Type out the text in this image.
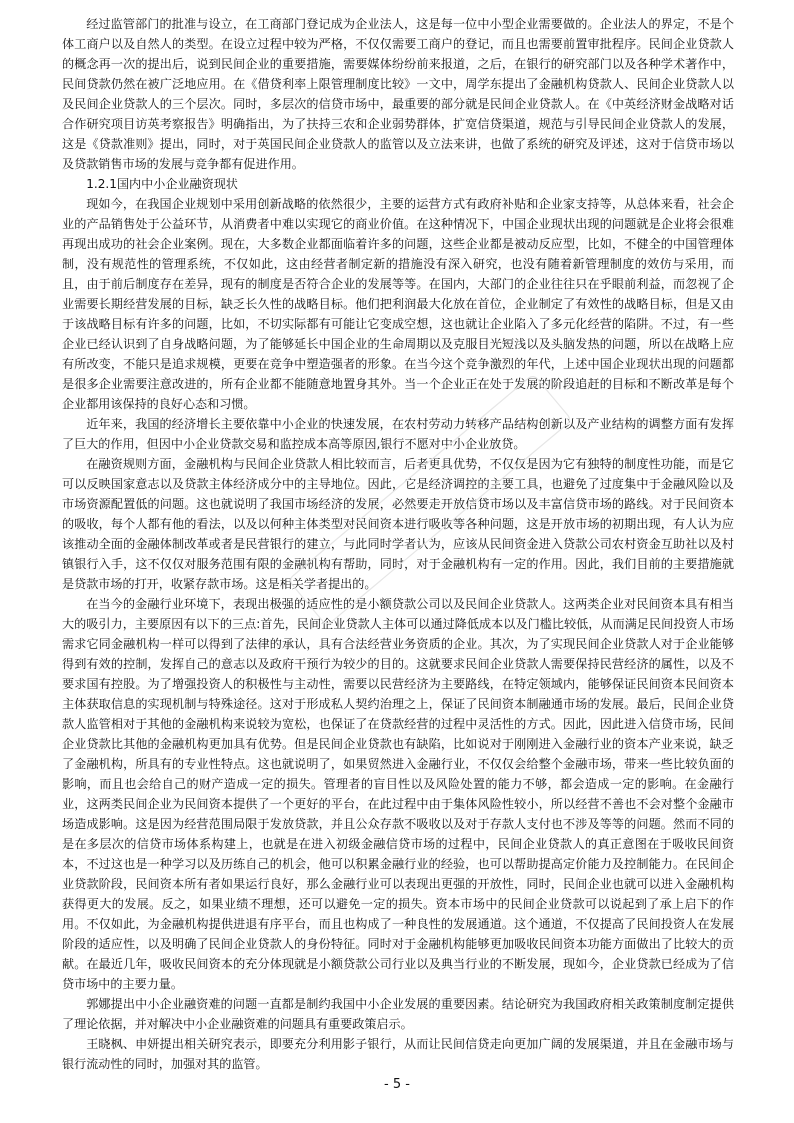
经过监管部门的批准与设立，在工商部门登记成为企业法人，这是每一位中小型企业需要做的。企业法人的界定，不是个体工商户以及自然人的类型。在设立过程中较为严格，不仅仅需要工商户的登记，而且也需要前置审批程序。民间企业贷款人的概念再一次的提出后，说到民间企业的重要措施，需要媒体纷纷前来报道，之后，在银行的研究部门以及各种学术著作中，民间贷款仍然在被广泛地应用。在《借贷利率上限管理制度比较》一文中，周学东提出了金融机构贷款人、民间企业贷款人以及民间企业贷款人的三个层次。同时，多层次的信贷市场中，最重要的部分就是民间企业贷款人。在《中英经济财金战略对话合作研究项目访英考察报告》明确指出，为了扶持三农和企业弱势群体，扩宽信贷渠道，规范与引导民间企业贷款人的发展，这是《贷款准则》提出，同时，对于英国民间企业贷款人的监管以及立法来讲，也做了系统的研究及评述，这对于信贷市场以及贷款销售市场的发展与竞争都有促进作用。

1.2.1国内中小企业融资现状

现如今，在我国企业规划中采用创新战略的依然很少，主要的运营方式有政府补贴和企业家支持等，从总体来看，社会企业的产品销售处于公益环节，从消费者中难以实现它的商业价值。在这种情况下，中国企业现状出现的问题就是企业将会很难再现出成功的社会企业案例。现在，大多数企业都面临着许多的问题，这些企业都是被动反应型，比如，不健全的中国管理体制，没有规范性的管理系统，不仅如此，这由经营者制定新的措施没有深入研究，也没有随着新管理制度的效仿与采用，而且，由于前后制度存在差异，现有的制度是否符合企业的发展等等。在国内，大部门的企业往往只在乎眼前利益，而忽视了企业需要长期经营发展的目标，缺乏长久性的战略目标。他们把利润最大化放在首位，企业制定了有效性的战略目标，但是又由于该战略目标有许多的问题，比如，不切实际都有可能让它变成空想，这也就让企业陷入了多元化经营的陷阱。不过，有一些企业已经认识到了自身战略问题，为了能够延长中国企业的生命周期以及克服目光短浅以及头脑发热的问题，所以在战略上应有所改变，不能只是追求规模，更要在竞争中塑造强者的形象。在当今这个竞争激烈的年代，上述中国企业现状出现的问题都是很多企业需要注意改进的，所有企业都不能随意地置身其外。当一个企业正在处于发展的阶段追赶的目标和不断改革是每个企业都用该保持的良好心态和习惯。

近年来，我国的经济增长主要依靠中小企业的快速发展，在农村劳动力转移产品结构创新以及产业结构的调整方面有发挥了巨大的作用，但因中小企业贷款交易和监控成本高等原因,银行不愿对中小企业放贷。

在融资规则方面，金融机构与民间企业贷款人相比较而言，后者更具优势，不仅仅是因为它有独特的制度性功能，而是它可以反映国家意志以及贷款主体经济成分中的主导地位。因此，它是经济调控的主要工具，也避免了过度集中于金融风险以及市场资源配置低的问题。这也就说明了我国市场经济的发展，必然要走开放信贷市场以及丰富信贷市场的路线。对于民间资本的吸收，每个人都有他的看法，以及以何种主体类型对民间资本进行吸收等各种问题，这是开放市场的初期出现，有人认为应该推动全面的金融体制改革或者是民营银行的建立，与此同时学者认为，应该从民间资金进入贷款公司农村资金互助社以及村镇银行入手，这不仅仅对服务范围有限的金融机构有帮助，同时，对于金融机构有一定的作用。因此，我们目前的主要措施就是贷款市场的打开，收紧存款市场。这是相关学者提出的。

在当今的金融行业环境下，表现出极强的适应性的是小额贷款公司以及民间企业贷款人。这两类企业对民间资本具有相当大的吸引力，主要原因有以下的三点:首先，民间企业贷款人主体可以通过降低成本以及门槛比较低，从而满足民间投资人市场需求它同金融机构一样可以得到了法律的承认，具有合法经营业务资质的企业。其次，为了实现民间企业贷款人对于企业能够得到有效的控制，发挥自己的意志以及政府干预行为较少的目的。这就要求民间企业贷款人需要保持民营经济的属性，以及不要求国有控股。为了增强投资人的积极性与主动性，需要以民营经济为主要路线，在特定领域内，能够保证民间资本民间资本主体获取信息的实现机制与特殊途径。这对于形成私人契约治理之上，保证了民间资本制融通市场的发展。最后，民间企业贷款人监管相对于其他的金融机构来说较为宽松，也保证了在贷款经营的过程中灵活性的方式。因此，因此进入信贷市场，民间企业贷款比其他的金融机构更加具有优势。但是民间企业贷款也有缺陷，比如说对于刚刚进入金融行业的资本产业来说，缺乏了金融机构，所具有的专业性特点。这也就说明了，如果贸然进入金融行业，不仅仅会给整个金融市场，带来一些比较负面的影响，而且也会给自己的财产造成一定的损失。管理者的盲目性以及风险处置的能力不够，都会造成一定的影响。在金融行业，这两类民间企业为民间资本提供了一个更好的平台，在此过程中由于集体风险性较小，所以经营不善也不会对整个金融市场造成影响。这是因为经营范围局限于发放贷款，并且公众存款不吸收以及对于存款人支付也不涉及等等的问题。然而不同的是在多层次的信贷市场体系构建上，也就是在进入初级金融信贷市场的过程中，民间企业贷款人的真正意图在于吸收民间资本，不过这也是一种学习以及历练自己的机会，他可以积累金融行业的经验，也可以帮助提高定价能力及控制能力。在民间企业贷款阶段，民间资本所有者如果运行良好，那么金融行业可以表现出更强的开放性，同时，民间企业也就可以进入金融机构获得更大的发展。反之，如果业绩不理想，还可以避免一定的损失。资本市场中的民间企业贷款可以说起到了承上启下的作用。不仅如此，为金融机构提供进退有序平台，而且也构成了一种良性的发展通道。这个通道，不仅提高了民间投资人在发展阶段的适应性，以及明确了民间企业贷款人的身份特征。同时对于金融机构能够更加吸收民间资本功能方面做出了比较大的贡献。在最近几年，吸收民间资本的充分体现就是小额贷款公司行业以及典当行业的不断发展，现如今，企业贷款已经成为了信贷市场中的主要力量。

郭娜提出中小企业融资难的问题一直都是制约我国中小企业发展的重要因素。结论研究为我国政府相关政策制度制定提供了理论依据，并对解决中小企业融资难的问题具有重要政策启示。

王晓枫、申妍提出相关研究表示，即要充分利用影子银行，从而让民间信贷走向更加广阔的发展渠道，并且在金融市场与银行流动性的同时，加强对其的监管。

- 5 -
